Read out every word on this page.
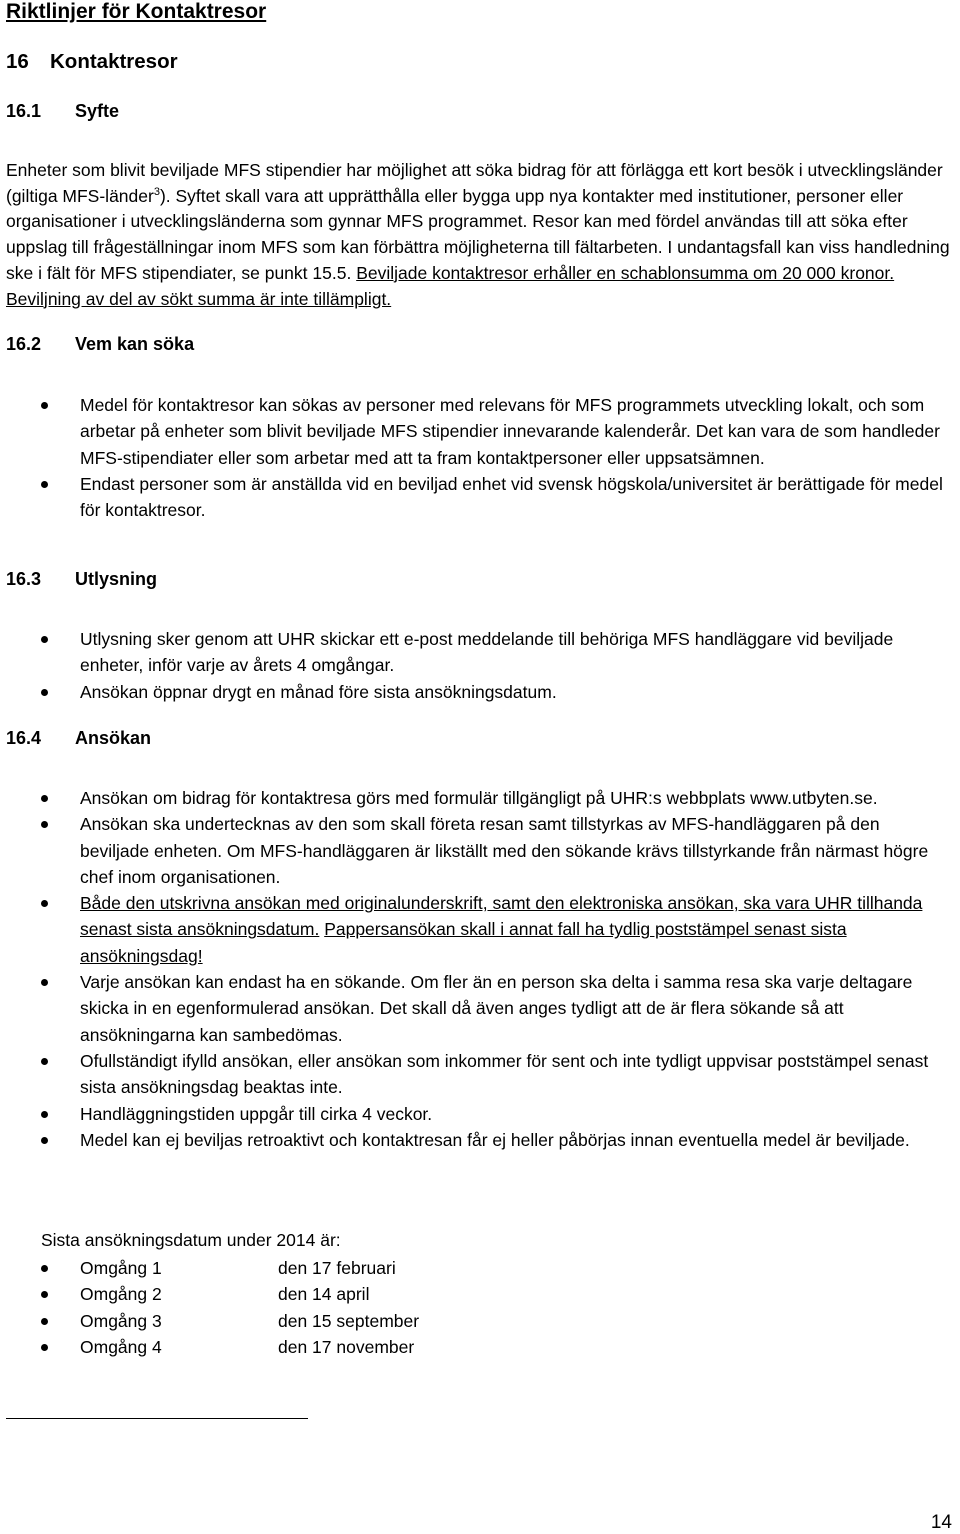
Riktlinjer för Kontaktresor
16 Kontaktresor
16.1 Syfte
Enheter som blivit beviljade MFS stipendier har möjlighet att söka bidrag för att förlägga ett kort besök i utvecklingsländer (giltiga MFS-länder$^3$). Syftet skall vara att upprätthålla eller bygga upp nya kontakter med institutioner, personer eller organisationer i utvecklingsländerna som gynnar MFS programmet. Resor kan med fördel användas till att söka efter uppslag till frågeställningar inom MFS som kan förbättra möjligheterna till fältarbeten. I undantagsfall kan viss handledning ske i fält för MFS stipendiater, se punkt 15.5. Beviljade kontaktresor erhåller en schablonsumma om 20 000 kronor. Beviljning av del av sökt summa är inte tillämpligt.
16.2 Vem kan söka
Medel för kontaktresor kan sökas av personer med relevans för MFS programmets utveckling lokalt, och som arbetar på enheter som blivit beviljade MFS stipendier innevarande kalenderår. Det kan vara de som handleder MFS-stipendiater eller som arbetar med att ta fram kontaktpersoner eller uppsatsämnen.
Endast personer som är anställda vid en beviljad enhet vid svensk högskola/universitet är berättigade för medel för kontaktresor.
16.3 Utlysning
Utlysning sker genom att UHR skickar ett e-post meddelande till behöriga MFS handläggare vid beviljade enheter, inför varje av årets 4 omgångar.
Ansökan öppnar drygt en månad före sista ansökningsdatum.
16.4 Ansökan
Ansökan om bidrag för kontaktresa görs med formulär tillgängligt på UHR:s webbplats www.utbyten.se.
Ansökan ska undertecknas av den som skall företa resan samt tillstyrkas av MFS-handläggaren på den beviljade enheten. Om MFS-handläggaren är likställt med den sökande krävs tillstyrkande från närmast högre chef inom organisationen.
Både den utskrivna ansökan med originalunderskrift, samt den elektroniska ansökan, ska vara UHR tillhanda senast sista ansökningsdatum. Pappersansökan skall i annat fall ha tydlig poststämpel senast sista ansökningsdag!
Varje ansökan kan endast ha en sökande. Om fler än en person ska delta i samma resa ska varje deltagare skicka in en egenformulerad ansökan. Det skall då även anges tydligt att de är flera sökande så att ansökningarna kan sambedömas.
Ofullständigt ifylld ansökan, eller ansökan som inkommer för sent och inte tydligt uppvisar poststämpel senast sista ansökningsdag beaktas inte.
Handläggningstiden uppgår till cirka 4 veckor.
Medel kan ej beviljas retroaktivt och kontaktresan får ej heller påbörjas innan eventuella medel är beviljade.
Sista ansökningsdatum under 2014 är:
Omgång 1	den 17 februari
Omgång 2	den 14 april
Omgång 3	den 15 september
Omgång 4	den 17 november
14
